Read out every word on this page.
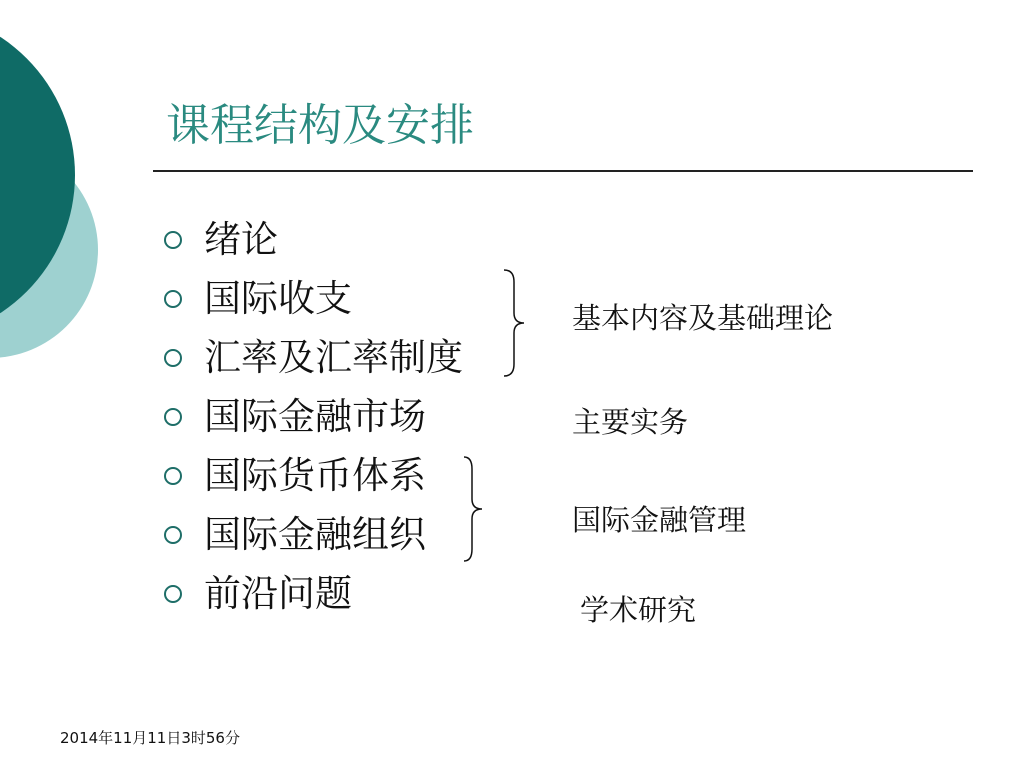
课程结构及安排
绪论
国际收支
汇率及汇率制度
国际金融市场
国际货币体系
国际金融组织
前沿问题
基本内容及基础理论
主要实务
国际金融管理
学术研究
2014年11月11日3时56分
